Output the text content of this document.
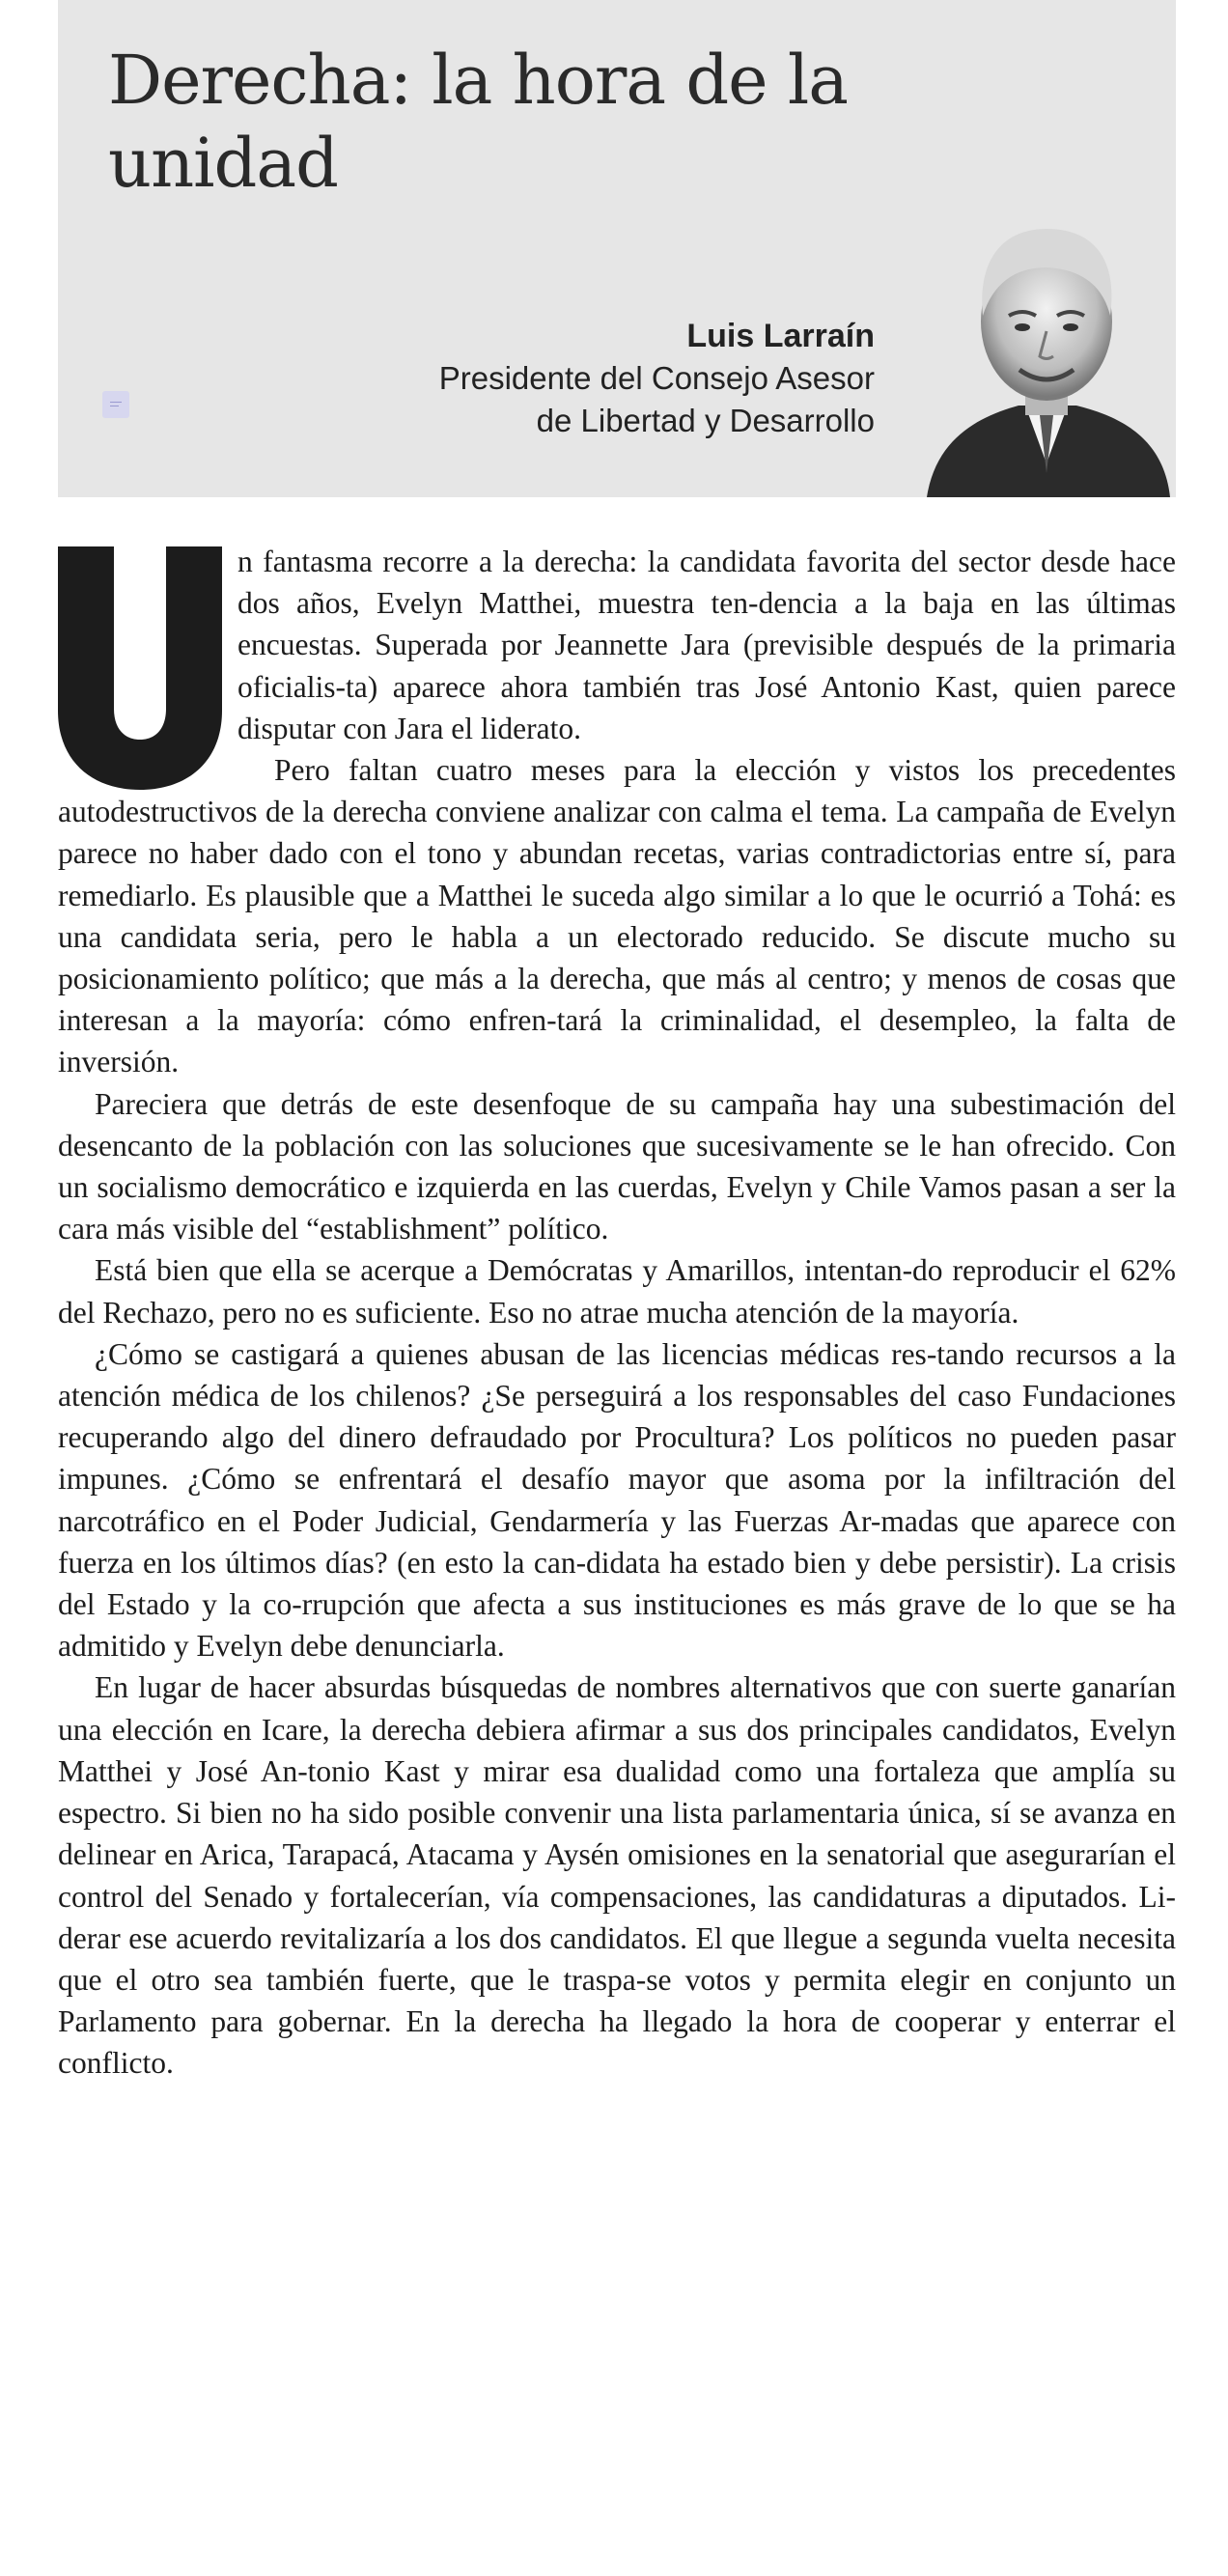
Derecha: la hora de la
unidad
Luis Larraín
Presidente del Consejo Asesor
de Libertad y Desarrollo

n fantasma recorre a la derecha: la candidata favorita del sector desde hace dos años, Evelyn Matthei, muestra ten-dencia a la baja en las últimas encuestas. Superada por Jeannette Jara (previsible después de la primaria oficialis-ta) aparece ahora también tras José Antonio Kast, quien parece disputar con Jara el liderato.

Pero faltan cuatro meses para la elección y vistos los precedentes autodestructivos de la derecha conviene analizar con calma el tema. La campaña de Evelyn parece no haber dado con el tono y abundan recetas, varias contradictorias entre sí, para remediarlo. Es plausible que a Matthei le suceda algo similar a lo que le ocurrió a Tohá: es una candidata seria, pero le habla a un electorado reducido. Se discute mucho su posicionamiento político; que más a la derecha, que más al centro; y menos de cosas que interesan a la mayoría: cómo enfren-tará la criminalidad, el desempleo, la falta de inversión.

Pareciera que detrás de este desenfoque de su campaña hay una subestimación del desencanto de la población con las soluciones que sucesivamente se le han ofrecido. Con un socialismo democrático e izquierda en las cuerdas, Evelyn y Chile Vamos pasan a ser la cara más visible del “establishment” político.

Está bien que ella se acerque a Demócratas y Amarillos, intentan-do reproducir el 62% del Rechazo, pero no es suficiente. Eso no atrae mucha atención de la mayoría.

¿Cómo se castigará a quienes abusan de las licencias médicas res-tando recursos a la atención médica de los chilenos? ¿Se perseguirá a los responsables del caso Fundaciones recuperando algo del dinero defraudado por Procultura? Los políticos no pueden pasar impunes. ¿Cómo se enfrentará el desafío mayor que asoma por la infiltración del narcotráfico en el Poder Judicial, Gendarmería y las Fuerzas Ar-madas que aparece con fuerza en los últimos días? (en esto la can-didata ha estado bien y debe persistir). La crisis del Estado y la co-rrupción que afecta a sus instituciones es más grave de lo que se ha admitido y Evelyn debe denunciarla.

En lugar de hacer absurdas búsquedas de nombres alternativos que con suerte ganarían una elección en Icare, la derecha debiera afirmar a sus dos principales candidatos, Evelyn Matthei y José An-tonio Kast y mirar esa dualidad como una fortaleza que amplía su espectro. Si bien no ha sido posible convenir una lista parlamentaria única, sí se avanza en delinear en Arica, Tarapacá, Atacama y Aysén omisiones en la senatorial que asegurarían el control del Senado y fortalecerían, vía compensaciones, las candidaturas a diputados. Li-derar ese acuerdo revitalizaría a los dos candidatos. El que llegue a segunda vuelta necesita que el otro sea también fuerte, que le traspa-se votos y permita elegir en conjunto un Parlamento para gobernar. En la derecha ha llegado la hora de cooperar y enterrar el conflicto.
